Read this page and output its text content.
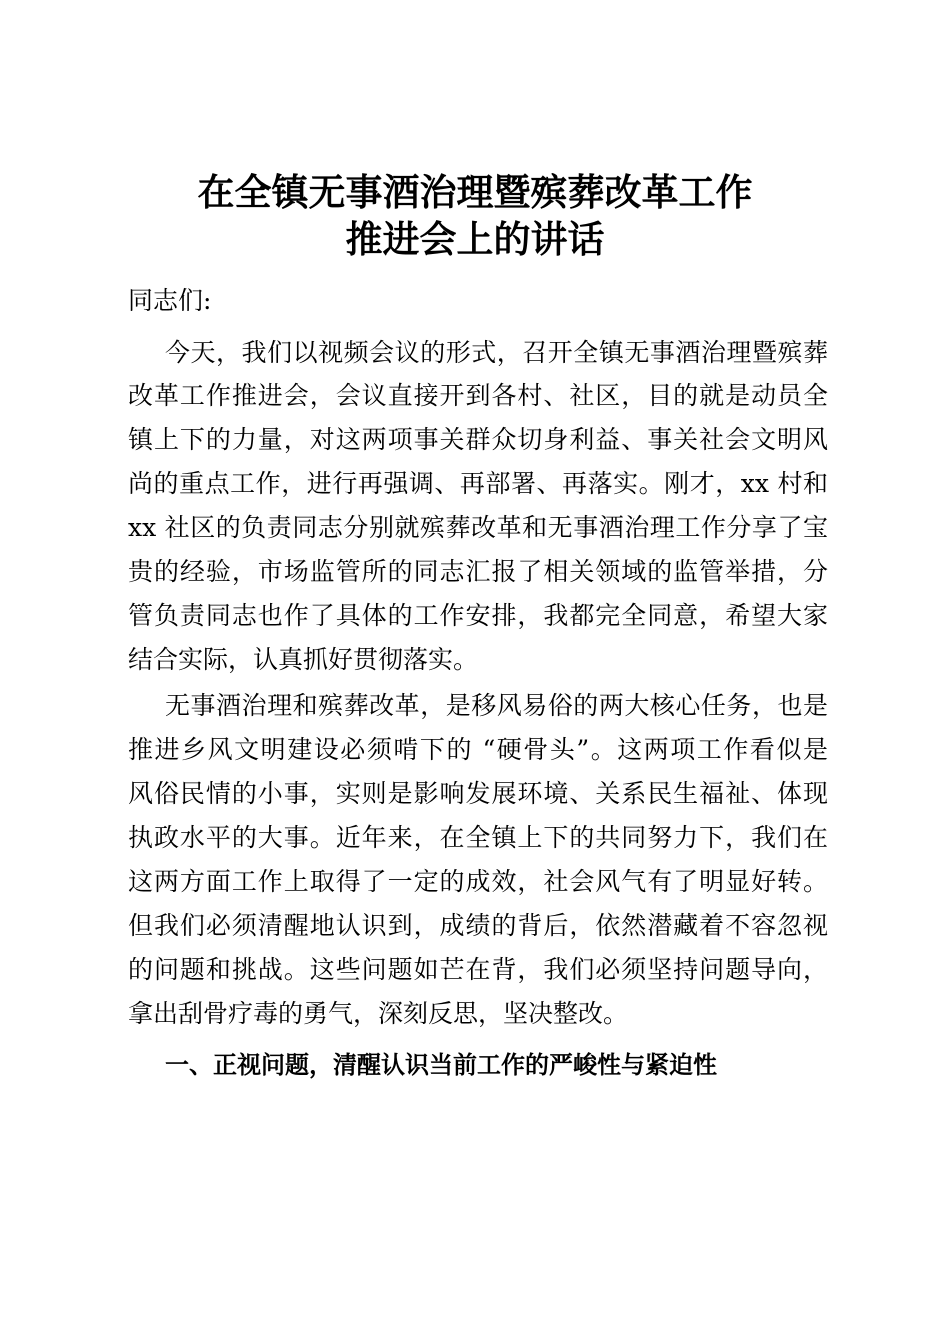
在全镇无事酒治理暨殡葬改革工作
推进会上的讲话
同志们:
今天，我们以视频会议的形式，召开全镇无事酒治理暨殡葬
改革工作推进会，会议直接开到各村、社区，目的就是动员全
镇上下的力量，对这两项事关群众切身利益、事关社会文明风
尚的重点工作，进行再强调、再部署、再落实。刚才，xx 村和
xx 社区的负责同志分别就殡葬改革和无事酒治理工作分享了宝
贵的经验，市场监管所的同志汇报了相关领域的监管举措，分
管负责同志也作了具体的工作安排，我都完全同意，希望大家
结合实际，认真抓好贯彻落实。
无事酒治理和殡葬改革，是移风易俗的两大核心任务，也是
推进乡风文明建设必须啃下的 “硬骨头”。这两项工作看似是
风俗民情的小事，实则是影响发展环境、关系民生福祉、体现
执政水平的大事。近年来，在全镇上下的共同努力下，我们在
这两方面工作上取得了一定的成效，社会风气有了明显好转。
但我们必须清醒地认识到，成绩的背后，依然潜藏着不容忽视
的问题和挑战。这些问题如芒在背，我们必须坚持问题导向，
拿出刮骨疗毒的勇气，深刻反思，坚决整改。
一、正视问题，清醒认识当前工作的严峻性与紧迫性
